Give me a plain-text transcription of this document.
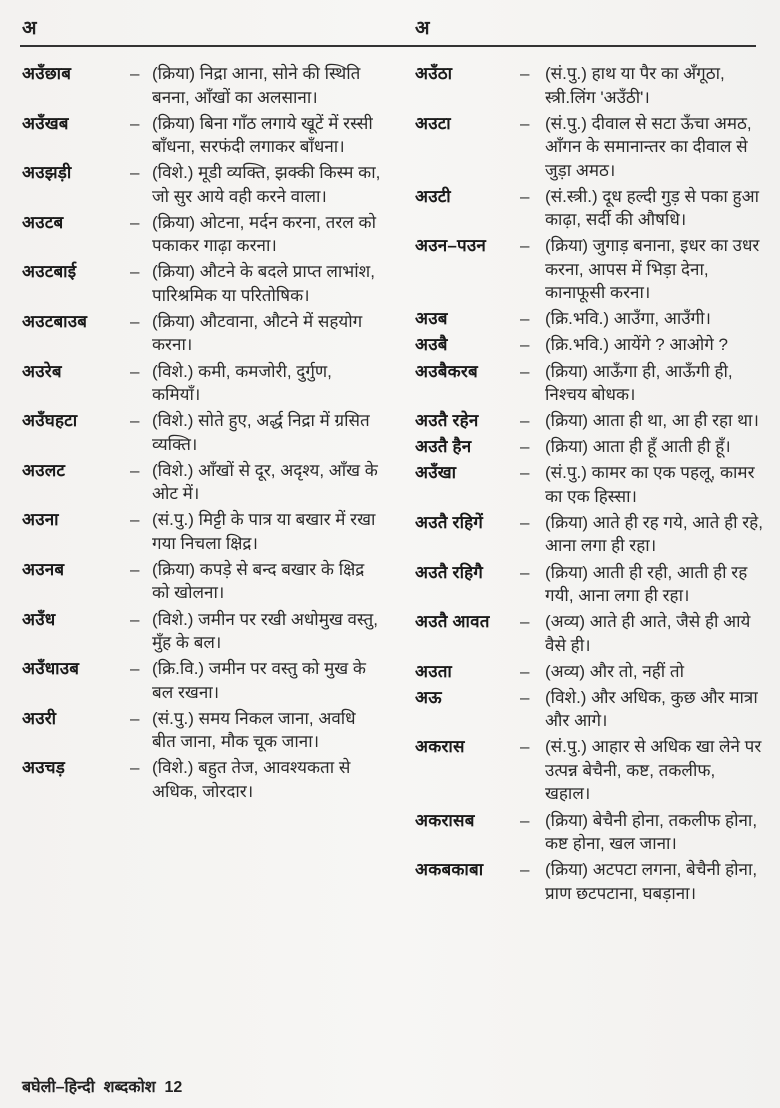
अ	अ
अउँछाब	– (क्रिया) निद्रा आना, सोने की स्थिति बनना, आँखों का अलसाना।
अउँखब	– (क्रिया) बिना गाँठ लगाये खूटें में रस्सी बाँधना, सरफंदी लगाकर बाँधना।
अउझड़ी	– (विशे.) मूडी व्यक्ति, झक्की किस्म का, जो सुर आये वही करने वाला।
अउटब	– (क्रिया) ओटना, मर्दन करना, तरल को पकाकर गाढ़ा करना।
अउटबाई	– (क्रिया) औटने के बदले प्राप्त लाभांश, पारिश्रमिक या परितोषिक।
अउटबाउब	– (क्रिया) औटवाना, औटने में सहयोग करना।
अउरेब	– (विशे.) कमी, कमजोरी, दुर्गुण, कमियाँ।
अउँघहटा	– (विशे.) सोते हुए, अर्द्ध निद्रा में ग्रसित व्यक्ति।
अउलट	– (विशे.) आँखों से दूर, अदृश्य, आँख के ओट में।
अउना	– (सं.पु.) मिट्टी के पात्र या बखार में रखा गया निचला क्षिद्र।
अउनब	– (क्रिया) कपड़े से बन्द बखार के क्षिद्र को खोलना।
अउँध	– (विशे.) जमीन पर रखी अधोमुख वस्तु, मुँह के बल।
अउँधाउब	– (क्रि.वि.) जमीन पर वस्तु को मुख के बल रखना।
अउरी	– (सं.पु.) समय निकल जाना, अवधि बीत जाना, मौक चूक जाना।
अउचड़	– (विशे.) बहुत तेज, आवश्यकता से अधिक, जोरदार।
अउँठा	– (सं.पु.) हाथ या पैर का अँगूठा, स्त्री.लिंग 'अउँठी'।
अउटा	– (सं.पु.) दीवाल से सटा ऊँचा अमठ, आँगन के समानान्तर का दीवाल से जुड़ा अमठ।
अउटी	– (सं.स्त्री.) दूध हल्दी गुड़ से पका हुआ काढ़ा, सर्दी की औषधि।
अउन–पउन	– (क्रिया) जुगाड़ बनाना, इधर का उधर करना, आपस में भिड़ा देना, कानाफूसी करना।
अउब	– (क्रि.भवि.) आउँगा, आउँगी।
अउबै	– (क्रि.भवि.) आयेंगे ? आओगे ?
अउबैकरब	– (क्रिया) आऊँगा ही, आऊँगी ही, निश्चय बोधक।
अउतै रहेन	– (क्रिया) आता ही था, आ ही रहा था।
अउतै हैन	– (क्रिया) आता ही हूँ आती ही हूँ।
अउँखा	– (सं.पु.) कामर का एक पहलू, कामर का एक हिस्सा।
अउतै रहिगें	– (क्रिया) आते ही रह गये, आते ही रहे, आना लगा ही रहा।
अउतै रहिगै	– (क्रिया) आती ही रही, आती ही रह गयी, आना लगा ही रहा।
अउतै आवत	– (अव्य) आते ही आते, जैसे ही आये वैसे ही।
अउता	– (अव्य) और तो, नहीं तो
अऊ	– (विशे.) और अधिक, कुछ और मात्रा और आगे।
अकरास	– (सं.पु.) आहार से अधिक खा लेने पर उत्पन्न बेचैनी, कष्ट, तकलीफ, खहाल।
अकरासब	– (क्रिया) बेचैनी होना, तकलीफ होना, कष्ट होना, खल जाना।
अकबकाबा	– (क्रिया) अटपटा लगना, बेचैनी होना, प्राण छटपटाना, घबड़ाना।
बघेली–हिन्दी  शब्दकोश 12
